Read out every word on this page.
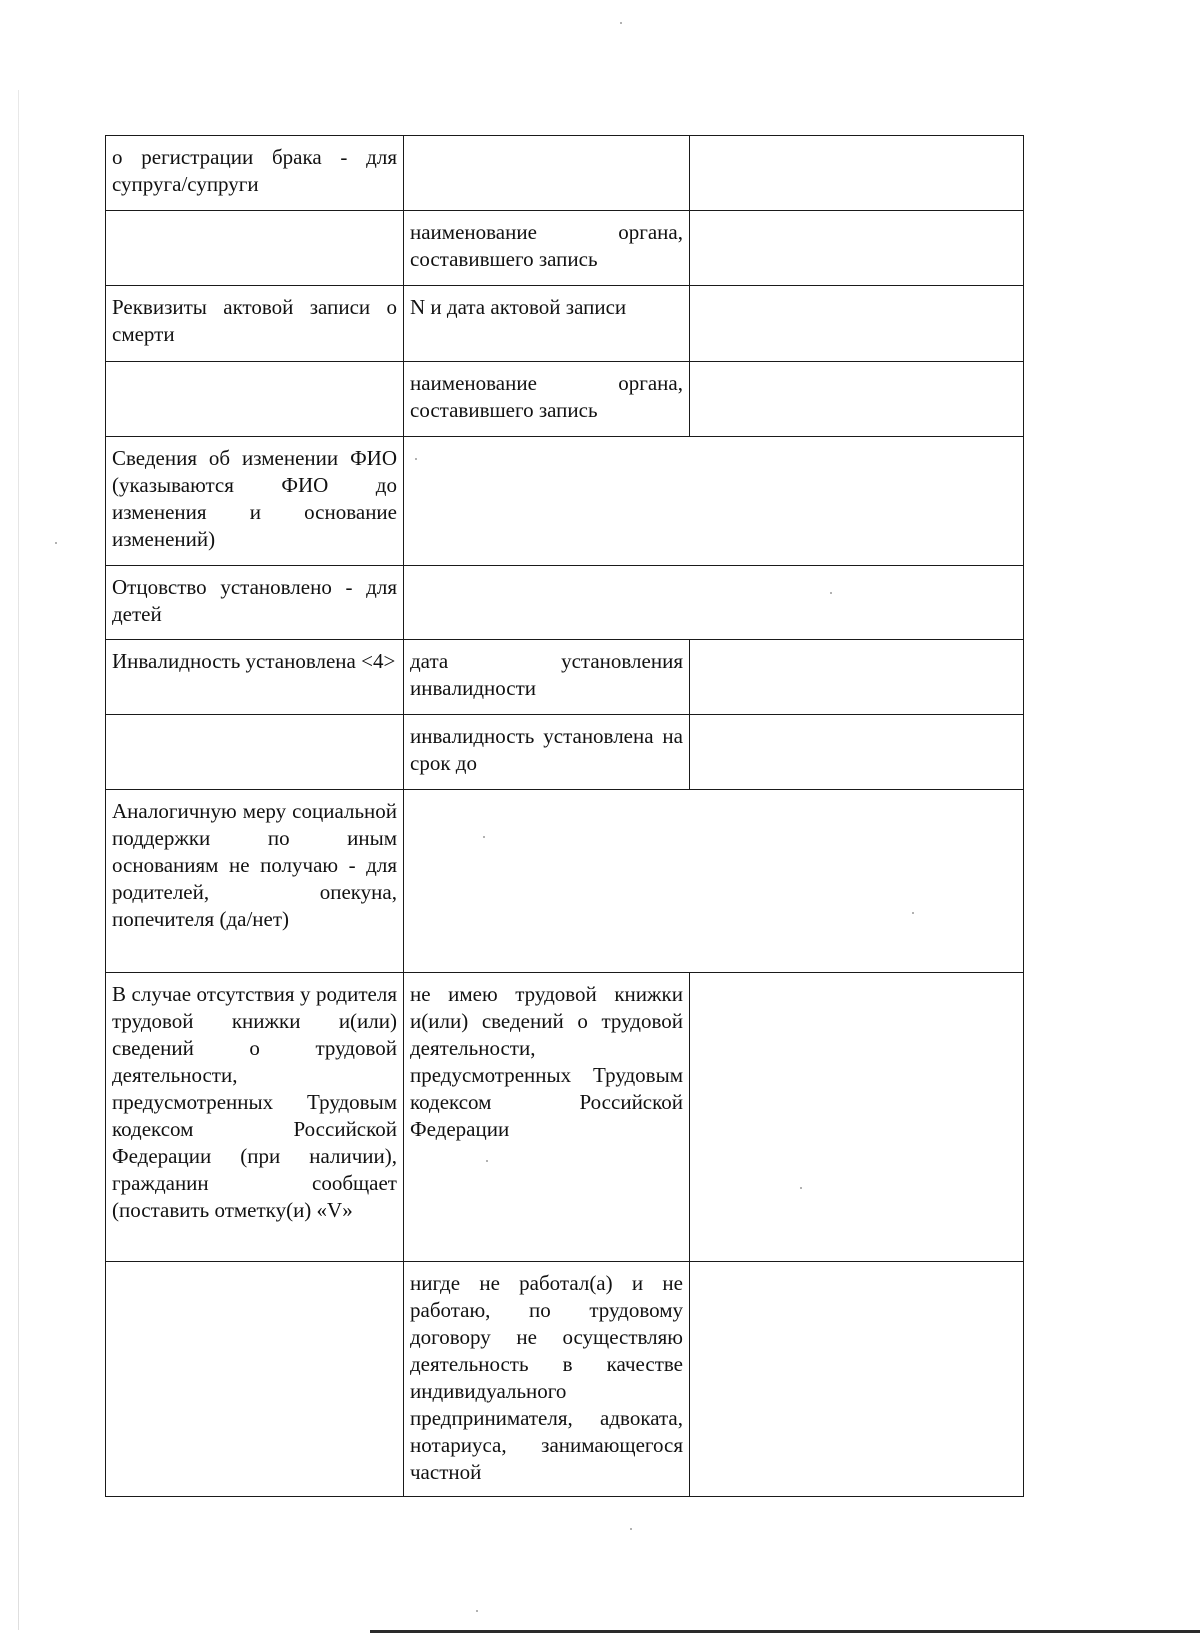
о регистрации брака - для супруга/супруги		
	наименование органа, составившего запись	
Реквизиты актовой записи о смерти	N и дата актовой записи	
	наименование органа, составившего запись	
Сведения об изменении ФИО (указываются ФИО до изменения и основание изменений)		
Отцовство установлено - для детей		
Инвалидность установлена <4>	дата установления инвалидности	
	инвалидность установлена на срок до	
Аналогичную меру социальной поддержки по иным основаниям не получаю - для родителей, опекуна, попечителя (да/нет)		
В случае отсутствия у родителя трудовой книжки и(или) сведений о трудовой деятельности, предусмотренных Трудовым кодексом Российской Федерации (при наличии), гражданин сообщает (поставить отметку(и) «V»	не имею трудовой книжки и(или) сведений о трудовой деятельности, предусмотренных Трудовым кодексом Российской Федерации	
	нигде не работал(а) и не работаю, по трудовому договору не осуществляю деятельность в качестве индивидуального предпринимателя, адвоката, нотариуса, занимающегося частной	
